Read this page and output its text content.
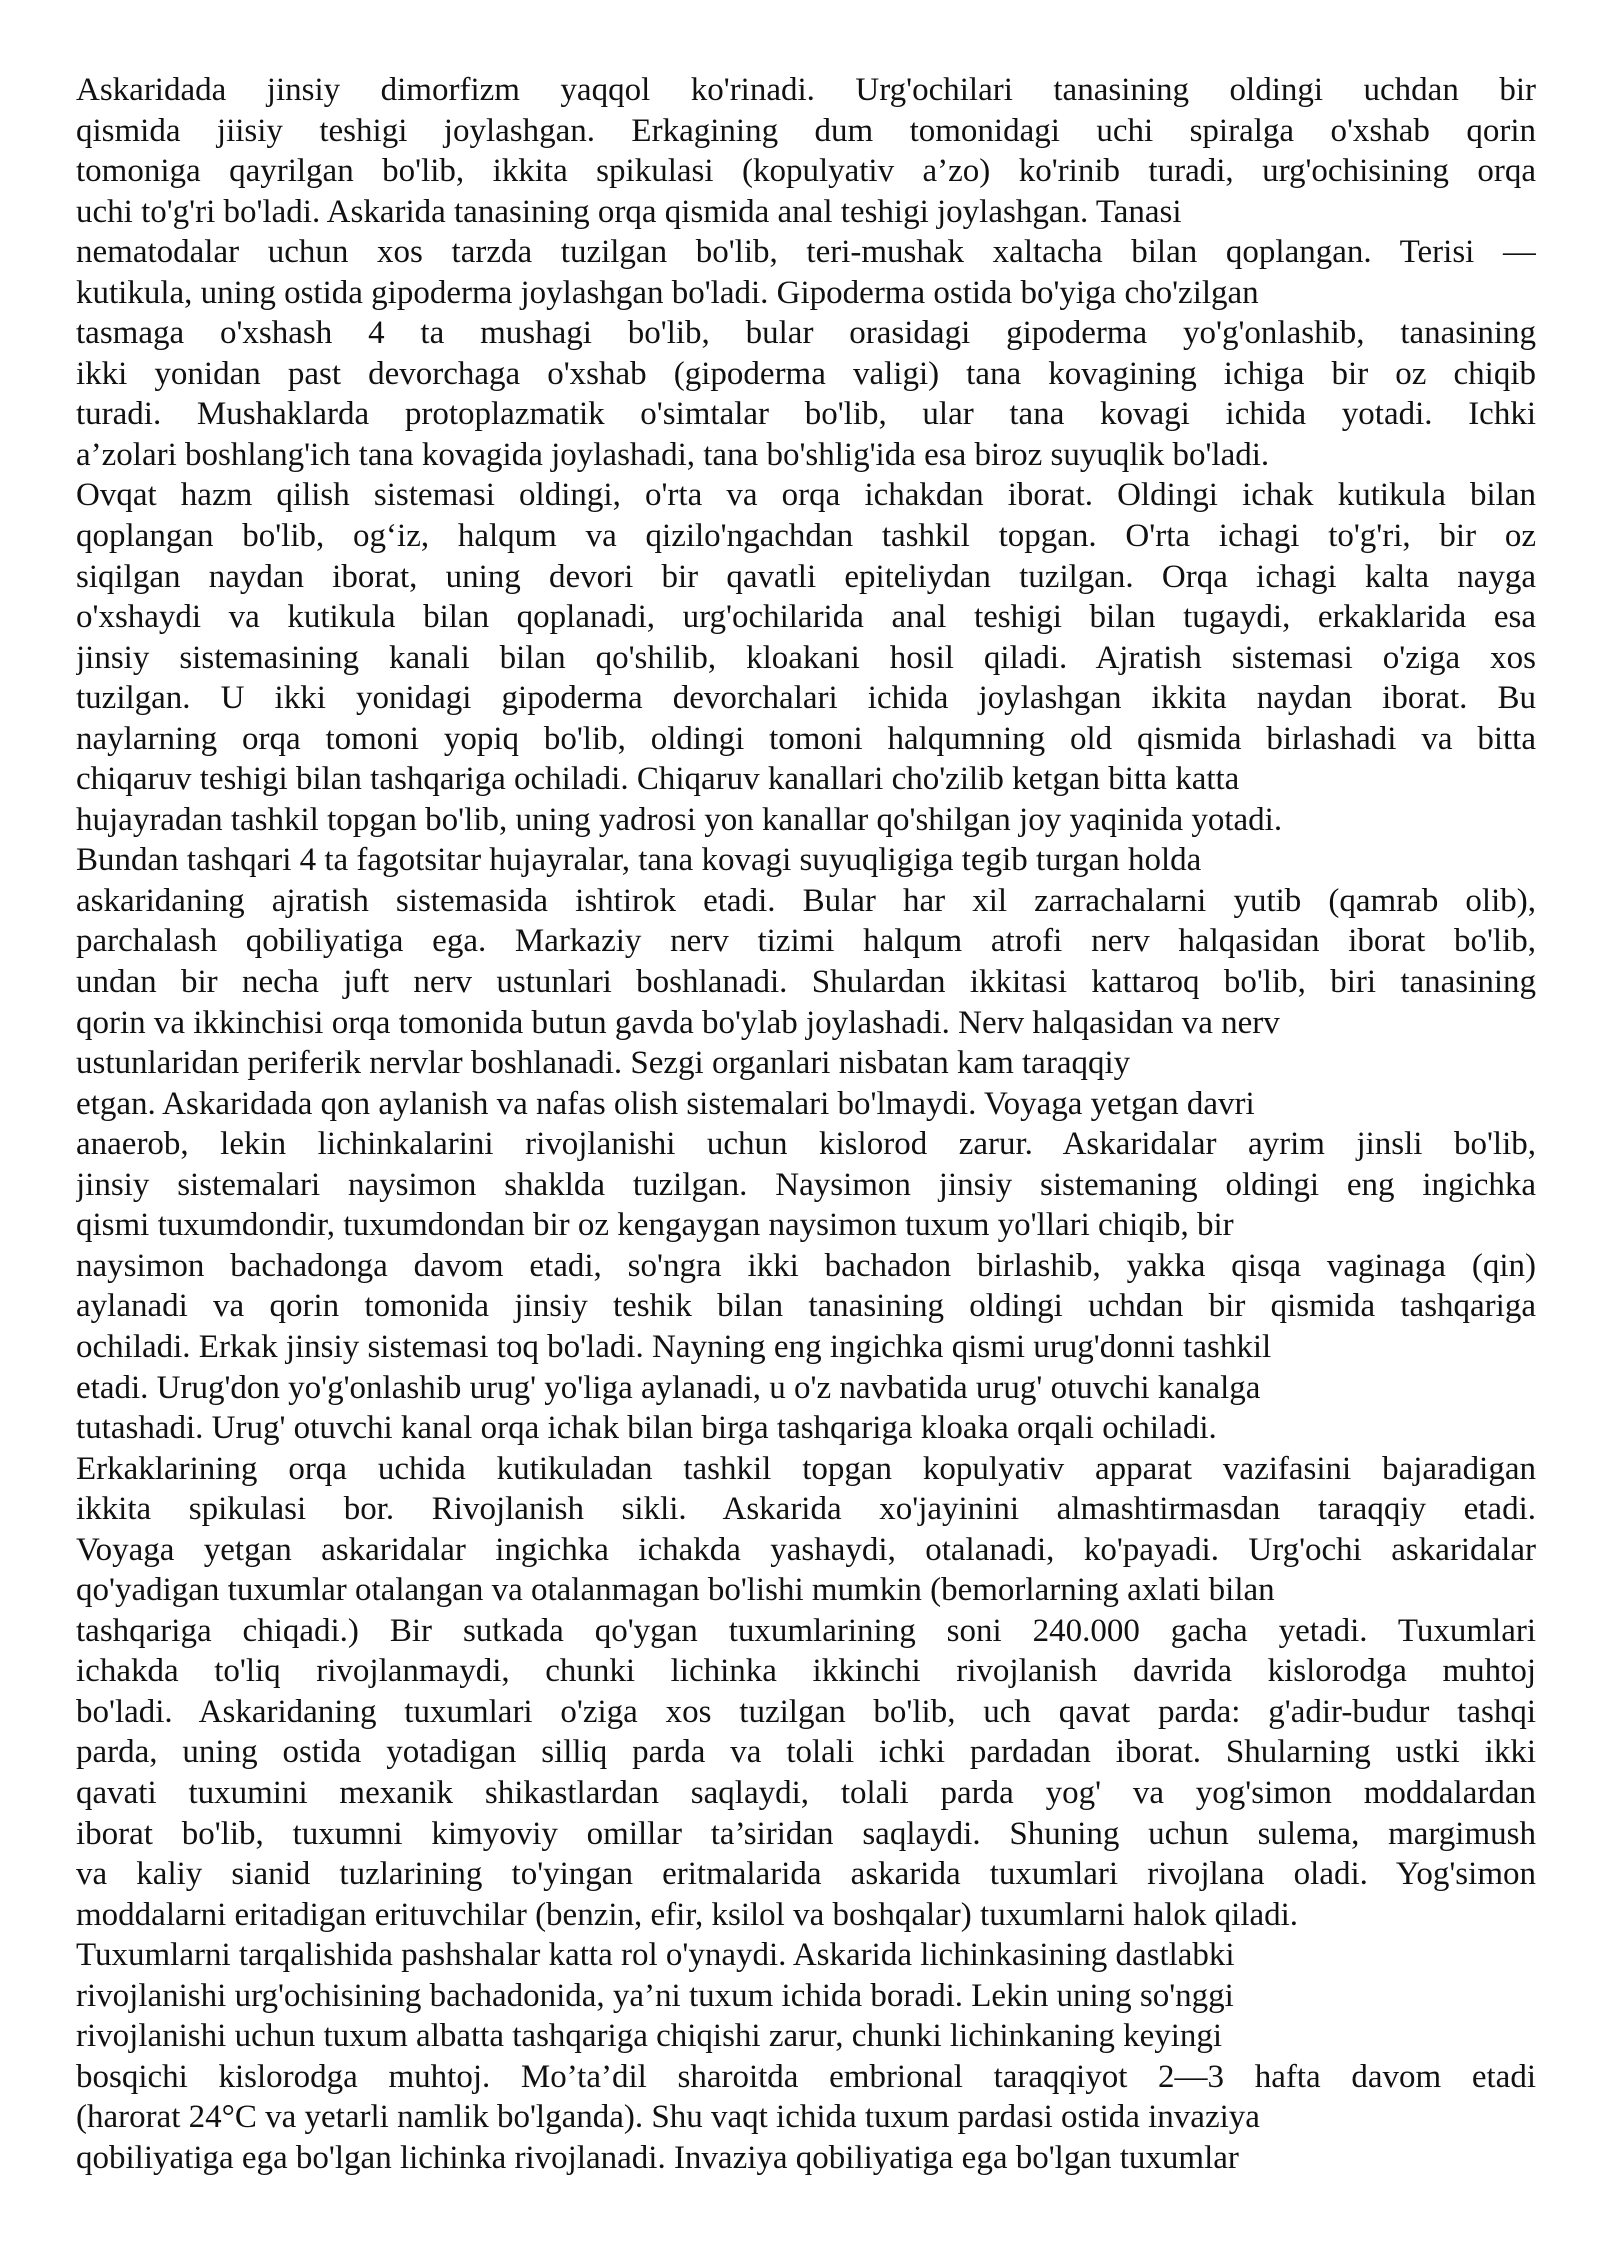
Askaridada jinsiy dimorfizm yaqqol ko'rinadi. Urg'ochilari tanasining oldingi uchdan bir
qismida jiisiy teshigi joylashgan. Erkagining dum tomonidagi uchi spiralga o'xshab qorin
tomoniga qayrilgan bo'lib, ikkita spikulasi (kopulyativ a’zo) ko'rinib turadi, urg'ochisining orqa
uchi to'g'ri bo'ladi. Askarida tanasining orqa qismida anal teshigi joylashgan. Tanasi
nematodalar uchun xos tarzda tuzilgan bo'lib, teri-mushak xaltacha bilan qoplangan. Terisi —
kutikula, uning ostida gipoderma joylashgan bo'ladi. Gipoderma ostida bo'yiga cho'zilgan
tasmaga o'xshash 4 ta mushagi bo'lib, bular orasidagi gipoderma yo'g'onlashib, tanasining
ikki yonidan past devorchaga o'xshab (gipoderma valigi) tana kovagining ichiga bir oz chiqib
turadi. Mushaklarda protoplazmatik o'simtalar bo'lib, ular tana kovagi ichida yotadi. Ichki
a’zolari boshlang'ich tana kovagida joylashadi, tana bo'shlig'ida esa biroz suyuqlik bo'ladi.
Ovqat hazm qilish sistemasi oldingi, o'rta va orqa ichakdan iborat. Oldingi ichak kutikula bilan
qoplangan bo'lib, og‘iz, halqum va qizilo'ngachdan tashkil topgan. O'rta ichagi to'g'ri, bir oz
siqilgan naydan iborat, uning devori bir qavatli epiteliydan tuzilgan. Orqa ichagi kalta nayga
o'xshaydi va kutikula bilan qoplanadi, urg'ochilarida anal teshigi bilan tugaydi, erkaklarida esa
jinsiy sistemasining kanali bilan qo'shilib, kloakani hosil qiladi. Ajratish sistemasi o'ziga xos
tuzilgan. U ikki yonidagi gipoderma devorchalari ichida joylashgan ikkita naydan iborat. Bu
naylarning orqa tomoni yopiq bo'lib, oldingi tomoni halqumning old qismida birlashadi va bitta
chiqaruv teshigi bilan tashqariga ochiladi. Chiqaruv kanallari cho'zilib ketgan bitta katta
hujayradan tashkil topgan bo'lib, uning yadrosi yon kanallar qo'shilgan joy yaqinida yotadi.
Bundan tashqari 4 ta fagotsitar hujayralar, tana kovagi suyuqligiga tegib turgan holda
askaridaning ajratish sistemasida ishtirok etadi. Bular har xil zarrachalarni yutib (qamrab olib),
parchalash qobiliyatiga ega. Markaziy nerv tizimi halqum atrofi nerv halqasidan iborat bo'lib,
undan bir necha juft nerv ustunlari boshlanadi. Shulardan ikkitasi kattaroq bo'lib, biri tanasining
qorin va ikkinchisi orqa tomonida butun gavda bo'ylab joylashadi. Nerv halqasidan va nerv
ustunlaridan periferik nervlar boshlanadi. Sezgi organlari nisbatan kam taraqqiy
etgan. Askaridada qon aylanish va nafas olish sistemalari bo'lmaydi. Voyaga yetgan davri
anaerob, lekin lichinkalarini rivojlanishi uchun kislorod zarur. Askaridalar ayrim jinsli bo'lib,
jinsiy sistemalari naysimon shaklda tuzilgan. Naysimon jinsiy sistemaning oldingi eng ingichka
qismi tuxumdondir, tuxumdondan bir oz kengaygan naysimon tuxum yo'llari chiqib, bir
naysimon bachadonga davom etadi, so'ngra ikki bachadon birlashib, yakka qisqa vaginaga (qin)
aylanadi va qorin tomonida jinsiy teshik bilan tanasining oldingi uchdan bir qismida tashqariga
ochiladi. Erkak jinsiy sistemasi toq bo'ladi. Nayning eng ingichka qismi urug'donni tashkil
etadi. Urug'don yo'g'onlashib urug' yo'liga aylanadi, u o'z navbatida urug' otuvchi kanalga
tutashadi. Urug' otuvchi kanal orqa ichak bilan birga tashqariga kloaka orqali ochiladi.
Erkaklarining orqa uchida kutikuladan tashkil topgan kopulyativ apparat vazifasini bajaradigan
ikkita spikulasi bor. Rivojlanish sikli. Askarida xo'jayinini almashtirmasdan taraqqiy etadi.
Voyaga yetgan askaridalar ingichka ichakda yashaydi, otalanadi, ko'payadi. Urg'ochi askaridalar
qo'yadigan tuxumlar otalangan va otalanmagan bo'lishi mumkin (bemorlarning axlati bilan
tashqariga chiqadi.) Bir sutkada qo'ygan tuxumlarining soni 240.000 gacha yetadi. Tuxumlari
ichakda to'liq rivojlanmaydi, chunki lichinka ikkinchi rivojlanish davrida kislorodga muhtoj
bo'ladi. Askaridaning tuxumlari o'ziga xos tuzilgan bo'lib, uch qavat parda: g'adir-budur tashqi
parda, uning ostida yotadigan silliq parda va tolali ichki pardadan iborat. Shularning ustki ikki
qavati tuxumini mexanik shikastlardan saqlaydi, tolali parda yog' va yog'simon moddalardan
iborat bo'lib, tuxumni kimyoviy omillar ta’siridan saqlaydi. Shuning uchun sulema, margimush
va kaliy sianid tuzlarining to'yingan eritmalarida askarida tuxumlari rivojlana oladi. Yog'simon
moddalarni eritadigan erituvchilar (benzin, efir, ksilol va boshqalar) tuxumlarni halok qiladi.
Tuxumlarni tarqalishida pashshalar katta rol o'ynaydi. Askarida lichinkasining dastlabki
rivojlanishi urg'ochisining bachadonida, ya’ni tuxum ichida boradi. Lekin uning so'nggi
rivojlanishi uchun tuxum albatta tashqariga chiqishi zarur, chunki lichinkaning keyingi
bosqichi kislorodga muhtoj. Mo’ta’dil sharoitda embrional taraqqiyot 2—3 hafta davom etadi
(harorat 24°C va yetarli namlik bo'lganda). Shu vaqt ichida tuxum pardasi ostida invaziya
qobiliyatiga ega bo'lgan lichinka rivojlanadi. Invaziya qobiliyatiga ega bo'lgan tuxumlar
